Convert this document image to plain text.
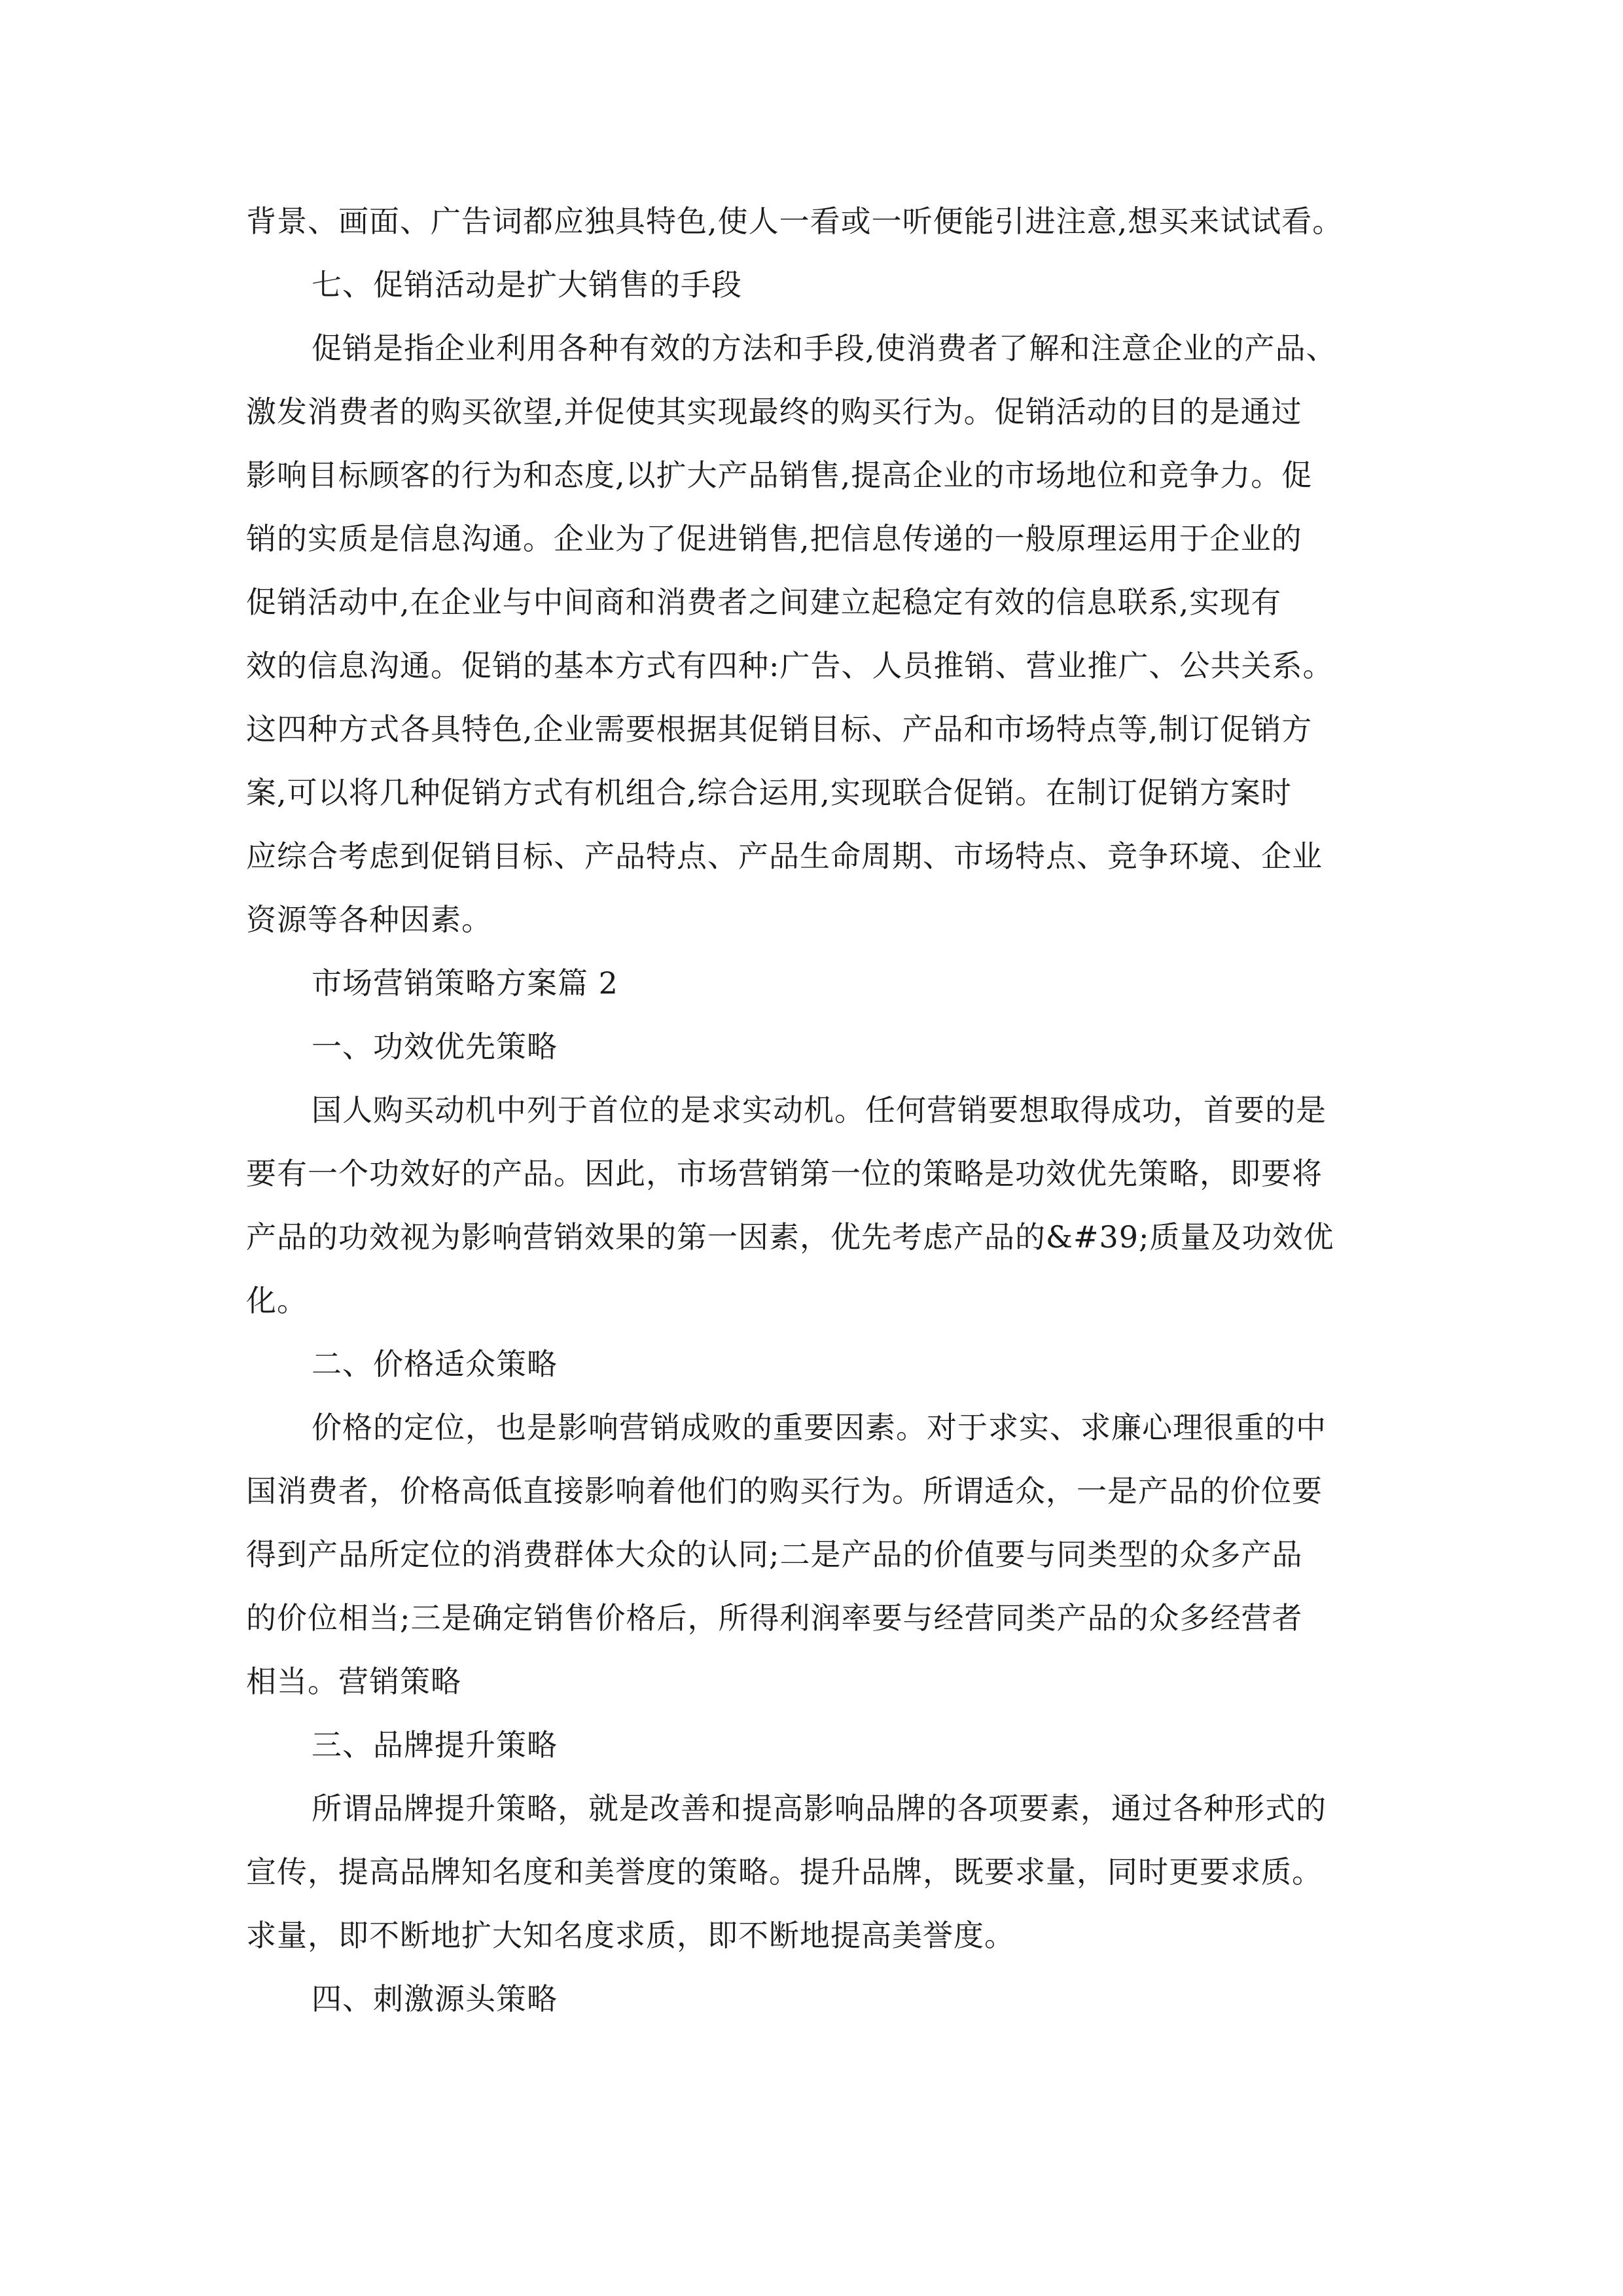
背景、画面、广告词都应独具特色,使人一看或一听便能引进注意,想买来试试看。
七、促销活动是扩大销售的手段
促销是指企业利用各种有效的方法和手段,使消费者了解和注意企业的产品、
激发消费者的购买欲望,并促使其实现最终的购买行为。促销活动的目的是通过
影响目标顾客的行为和态度,以扩大产品销售,提高企业的市场地位和竞争力。促
销的实质是信息沟通。企业为了促进销售,把信息传递的一般原理运用于企业的
促销活动中,在企业与中间商和消费者之间建立起稳定有效的信息联系,实现有
效的信息沟通。促销的基本方式有四种:广告、人员推销、营业推广、公共关系。
这四种方式各具特色,企业需要根据其促销目标、产品和市场特点等,制订促销方
案,可以将几种促销方式有机组合,综合运用,实现联合促销。在制订促销方案时
应综合考虑到促销目标、产品特点、产品生命周期、市场特点、竞争环境、企业
资源等各种因素。
市场营销策略方案篇 2
一、功效优先策略
国人购买动机中列于首位的是求实动机。任何营销要想取得成功，首要的是
要有一个功效好的产品。因此，市场营销第一位的策略是功效优先策略，即要将
产品的功效视为影响营销效果的第一因素，优先考虑产品的&#39;质量及功效优
化。
二、价格适众策略
价格的定位，也是影响营销成败的重要因素。对于求实、求廉心理很重的中
国消费者，价格高低直接影响着他们的购买行为。所谓适众，一是产品的价位要
得到产品所定位的消费群体大众的认同;二是产品的价值要与同类型的众多产品
的价位相当;三是确定销售价格后，所得利润率要与经营同类产品的众多经营者
相当。营销策略
三、品牌提升策略
所谓品牌提升策略，就是改善和提高影响品牌的各项要素，通过各种形式的
宣传，提高品牌知名度和美誉度的策略。提升品牌，既要求量，同时更要求质。
求量，即不断地扩大知名度求质，即不断地提高美誉度。
四、刺激源头策略
